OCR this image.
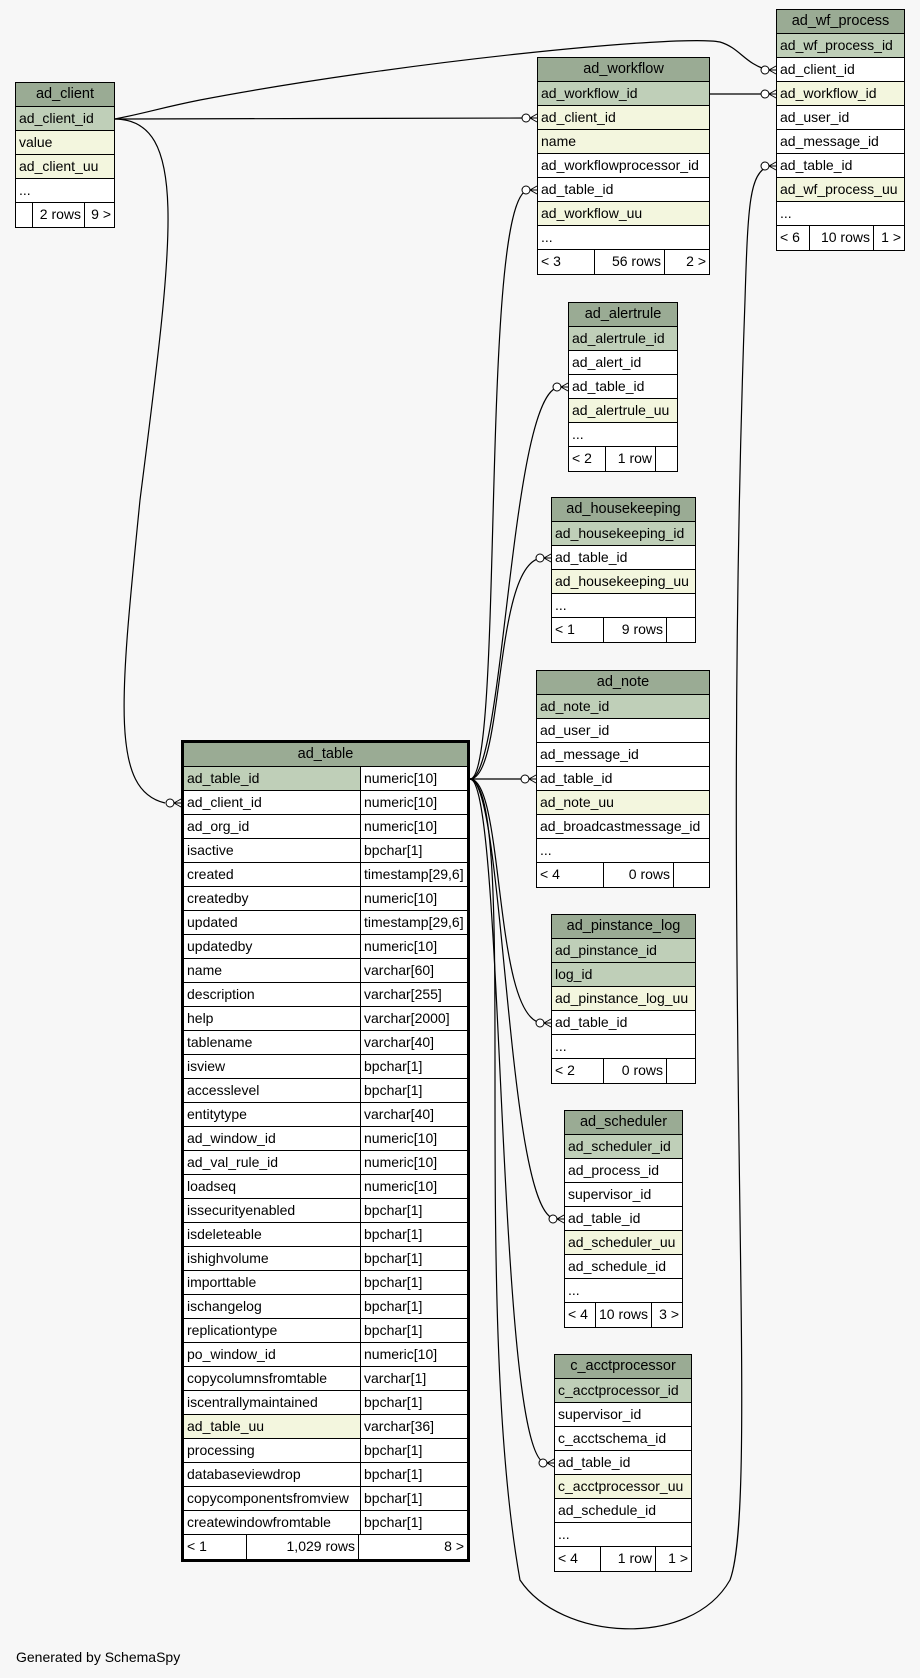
ad_wf_process
ad_wf_process_id
ad_client_id
ad_workflow_id
ad_user_id
ad_message_id
ad_table_id
ad_wf_process_uu
...
< 6	10 rows 1 >
ad_client
ad_client_id
value
ad_client_uu
...
2 rows 9 >
ad_workflow
ad_workflow_id
ad_client_id
name
ad_workflowprocessor_id
ad_table_id
ad_workflow_uu
...
< 3	56 rows	2 >
ad_alertrule
ad_alertrule_id
ad_alert_id
ad_table_id
ad_alertrule_uu
...
< 2	1 row
ad_housekeeping
ad_housekeeping_id
ad_table_id
ad_housekeeping_uu
...
< 1	9 rows
ad_note
ad_note_id
ad_user_id
ad_message_id
ad_table_id
ad_note_uu
ad_broadcastmessage_id
...
< 4	0 rows
ad_pinstance_log
ad_pinstance_id
log_id
ad_pinstance_log_uu
ad_table_id
...
< 2	0 rows
ad_scheduler
ad_scheduler_id
ad_process_id
supervisor_id
ad_table_id
ad_scheduler_uu
ad_schedule_id
...
< 4 10 rows 3 >
c_acctprocessor
c_acctprocessor_id
supervisor_id
c_acctschema_id
ad_table_id
c_acctprocessor_uu
ad_schedule_id
...
< 4	1 row	1 >
ad_table
ad_table_id	numeric[10]
ad_client_id	numeric[10]
ad_org_id	numeric[10]
isactive	bpchar[1]
created	timestamp[29,6]
createdby	numeric[10]
updated	timestamp[29,6]
updatedby	numeric[10]
name	varchar[60]
description	varchar[255]
help	varchar[2000]
tablename	varchar[40]
isview	bpchar[1]
accesslevel	bpchar[1]
entitytype	varchar[40]
ad_window_id	numeric[10]
ad_val_rule_id	numeric[10]
loadseq	numeric[10]
issecurityenabled	bpchar[1]
isdeleteable	bpchar[1]
ishighvolume	bpchar[1]
importtable	bpchar[1]
ischangelog	bpchar[1]
replicationtype	bpchar[1]
po_window_id	numeric[10]
copycolumnsfromtable	varchar[1]
iscentrallymaintained	bpchar[1]
ad_table_uu	varchar[36]
processing	bpchar[1]
databaseviewdrop	bpchar[1]
copycomponentsfromview	bpchar[1]
createwindowfromtable	bpchar[1]
< 1	1,029 rows	8 >
Generated by SchemaSpy
